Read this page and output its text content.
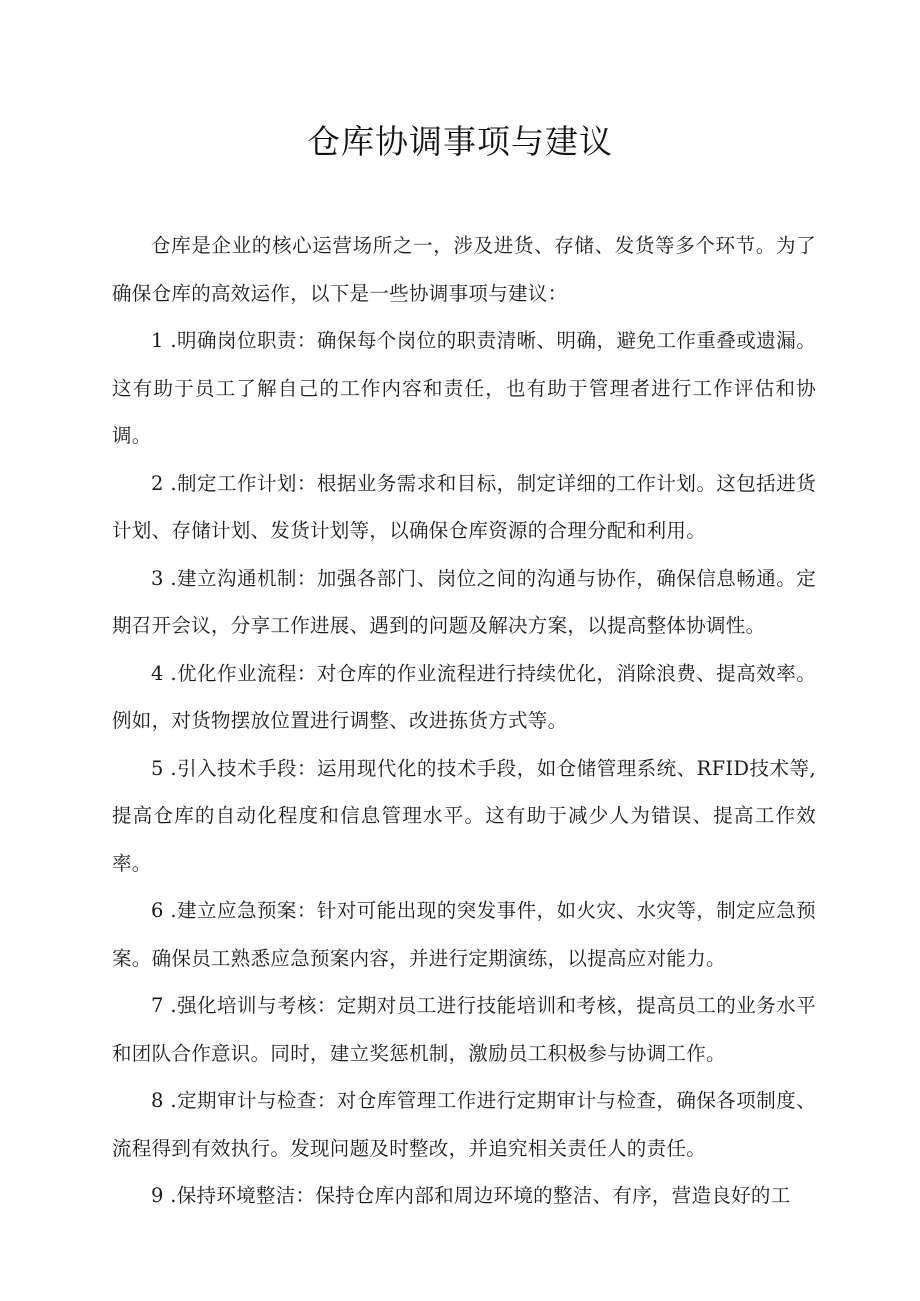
仓库协调事项与建议

仓库是企业的核心运营场所之一，涉及进货、存储、发货等多个环节。为了确保仓库的高效运作，以下是一些协调事项与建议：

1 .明确岗位职责：确保每个岗位的职责清晰、明确，避免工作重叠或遗漏。这有助于员工了解自己的工作内容和责任，也有助于管理者进行工作评估和协调。

2 .制定工作计划：根据业务需求和目标，制定详细的工作计划。这包括进货计划、存储计划、发货计划等，以确保仓库资源的合理分配和利用。

3 .建立沟通机制：加强各部门、岗位之间的沟通与协作，确保信息畅通。定期召开会议，分享工作进展、遇到的问题及解决方案，以提高整体协调性。

4 .优化作业流程：对仓库的作业流程进行持续优化，消除浪费、提高效率。例如，对货物摆放位置进行调整、改进拣货方式等。

5 .引入技术手段：运用现代化的技术手段，如仓储管理系统、RFID技术等,提高仓库的自动化程度和信息管理水平。这有助于减少人为错误、提高工作效率。

6 .建立应急预案：针对可能出现的突发事件，如火灾、水灾等，制定应急预案。确保员工熟悉应急预案内容，并进行定期演练，以提高应对能力。

7 .强化培训与考核：定期对员工进行技能培训和考核，提高员工的业务水平和团队合作意识。同时，建立奖惩机制，激励员工积极参与协调工作。

8 .定期审计与检查：对仓库管理工作进行定期审计与检查，确保各项制度、流程得到有效执行。发现问题及时整改，并追究相关责任人的责任。

9 .保持环境整洁：保持仓库内部和周边环境的整洁、有序，营造良好的工
